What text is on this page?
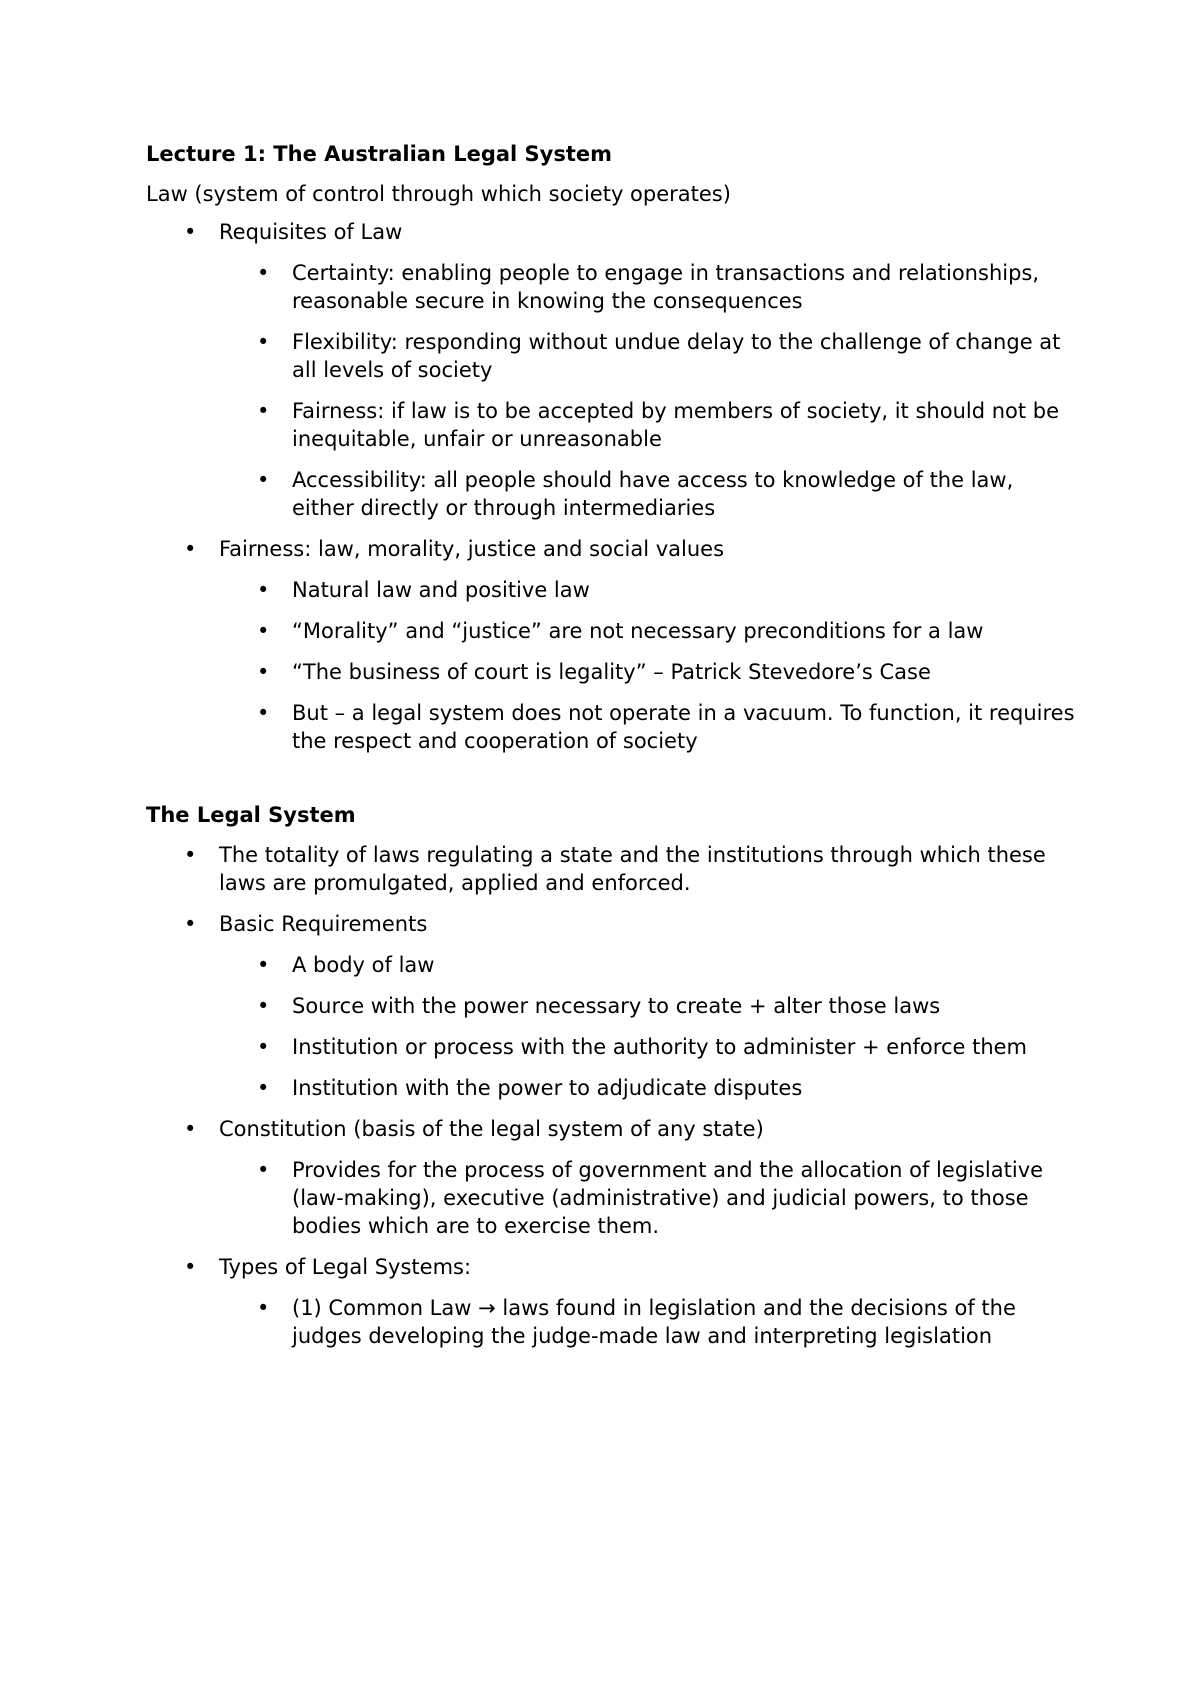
Lecture 1: The Australian Legal System
Law (system of control through which society operates)
• Requisites of Law
• Certainty: enabling people to engage in transactions and relationships, reasonable secure in knowing the consequences
• Flexibility: responding without undue delay to the challenge of change at all levels of society
• Fairness: if law is to be accepted by members of society, it should not be inequitable, unfair or unreasonable
• Accessibility: all people should have access to knowledge of the law, either directly or through intermediaries
• Fairness: law, morality, justice and social values
• Natural law and positive law
• “Morality” and “justice” are not necessary preconditions for a law
• “The business of court is legality” – Patrick Stevedore’s Case
• But – a legal system does not operate in a vacuum. To function, it requires the respect and cooperation of society
The Legal System
• The totality of laws regulating a state and the institutions through which these laws are promulgated, applied and enforced.
• Basic Requirements
• A body of law
• Source with the power necessary to create + alter those laws
• Institution or process with the authority to administer + enforce them
• Institution with the power to adjudicate disputes
• Constitution (basis of the legal system of any state)
• Provides for the process of government and the allocation of legislative (law-making), executive (administrative) and judicial powers, to those bodies which are to exercise them.
• Types of Legal Systems:
• (1) Common Law → laws found in legislation and the decisions of the judges developing the judge-made law and interpreting legislation
